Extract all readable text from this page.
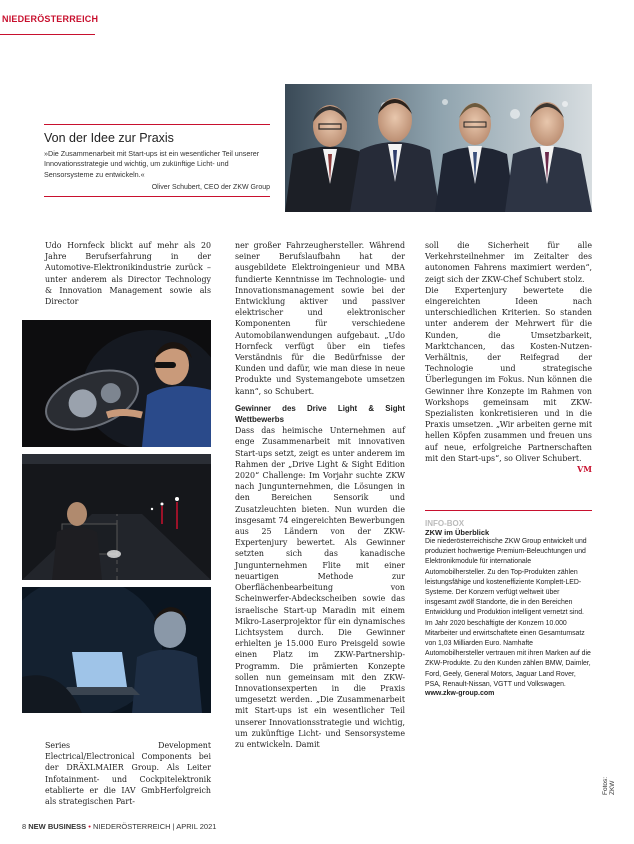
NIEDERÖSTERREICH
Von der Idee zur Praxis
»Die Zusammenarbeit mit Start-ups ist ein wesentlicher Teil unserer Innovationsstrategie und wichtig, um zukünftige Licht- und Sensorsysteme zu entwickeln.«
Oliver Schubert, CEO der ZKW Group

Udo Hornfeck blickt auf mehr als 20 Jahre Berufserfahrung in der Automotive-Elektronikindustrie zurück – unter anderem als Director Technology & Innovation Management sowie als Director

Series Development Electrical/Electronical Components bei der DRÄXLMAIER Group. Als Leiter Infotainment- und Cockpitelektronik etablierte er die IAV GmbHerfolgreich als strategischen Part-

ner großer Fahrzeughersteller. Während seiner Berufslaufbahn hat der ausgebildete Elektroingenieur und MBA fundierte Kenntnisse im Technologie- und Innovationsmanagement sowie bei der Entwicklung aktiver und passiver elektrischer und elektronischer Komponenten für verschiedene Automobilanwendungen aufgebaut. „Udo Hornfeck verfügt über ein tiefes Verständnis für die Bedürfnisse der Kunden und dafür, wie man diese in neue Produkte und Systemangebote umsetzen kann“, so Schubert.

Gewinner des Drive Light & Sight Wettbewerbs

Dass das heimische Unternehmen auf enge Zusammenarbeit mit innovativen Start-ups setzt, zeigt es unter anderem im Rahmen der „Drive Light & Sight Edition 2020“ Challenge: Im Vorjahr suchte ZKW nach Jungunternehmen, die Lösungen in den Bereichen Sensorik und Zusatzleuchten bieten. Nun wurden die insgesamt 74 eingereichten Bewerbungen aus 25 Ländern von der ZKW-Expertenjury bewertet. Als Gewinner setzten sich das kanadische Jungunternehmen Flite mit einer neuartigen Methode zur Oberflächenbearbeitung von Scheinwerfer-Abdeckscheiben sowie das israelische Start-up Maradin mit einem Mikro-Laserprojektor für ein dynamisches Lichtsystem durch. Die Gewinner erhielten je 15.000 Euro Preisgeld sowie einen Platz im ZKW-Partnership-Programm. Die prämierten Konzepte sollen nun gemeinsam mit den ZKW-Innovationsexperten in die Praxis umgesetzt werden. „Die Zusammenarbeit mit Start-ups ist ein wesentlicher Teil unserer Innovationsstrategie und wichtig, um zukünftige Licht- und Sensorsysteme zu entwickeln. Damit

soll die Sicherheit für alle Verkehrsteilnehmer im Zeitalter des autonomen Fahrens maximiert werden“, zeigt sich der ZKW-Chef Schubert stolz.

Die Expertenjury bewertete die eingereichten Ideen nach unterschiedlichen Kriterien. So standen unter anderem der Mehrwert für die Kunden, die Umsetzbarkeit, Marktchancen, das Kosten-Nutzen-Verhältnis, der Reifegrad der Technologie und strategische Überlegungen im Fokus. Nun können die Gewinner ihre Konzepte im Rahmen von Workshops gemeinsam mit ZKW-Spezialisten konkretisieren und in die Praxis umsetzen. „Wir arbeiten gerne mit hellen Köpfen zusammen und freuen uns auf neue, erfolgreiche Partnerschaften mit den Start-ups“, so Oliver Schubert.
VM

INFO-BOX
ZKW im Überblick
Die niederösterreichische ZKW Group entwickelt und produziert hochwertige Premium-Beleuchtungen und Elektronikmodule für internationale Automobilhersteller. Zu den Top-Produkten zählen leistungsfähige und kosteneffiziente Komplett-LED-Systeme. Der Konzern verfügt weltweit über insgesamt zwölf Standorte, die in den Bereichen Entwicklung und Produktion intelligent vernetzt sind. Im Jahr 2020 beschäftigte der Konzern 10.000 Mitarbeiter und erwirtschaftete einen Gesamtumsatz von 1,03 Milliarden Euro. Namhafte Automobilhersteller vertrauen mit ihren Marken auf die ZKW-Produkte. Zu den Kunden zählen BMW, Daimler, Ford, Geely, General Motors, Jaguar Land Rover, PSA, Renault-Nissan, VGTT und Volkswagen.
www.zkw-group.com
Fotos: ZKW
8 NEW BUSINESS • NIEDERÖSTERREICH | APRIL 2021
